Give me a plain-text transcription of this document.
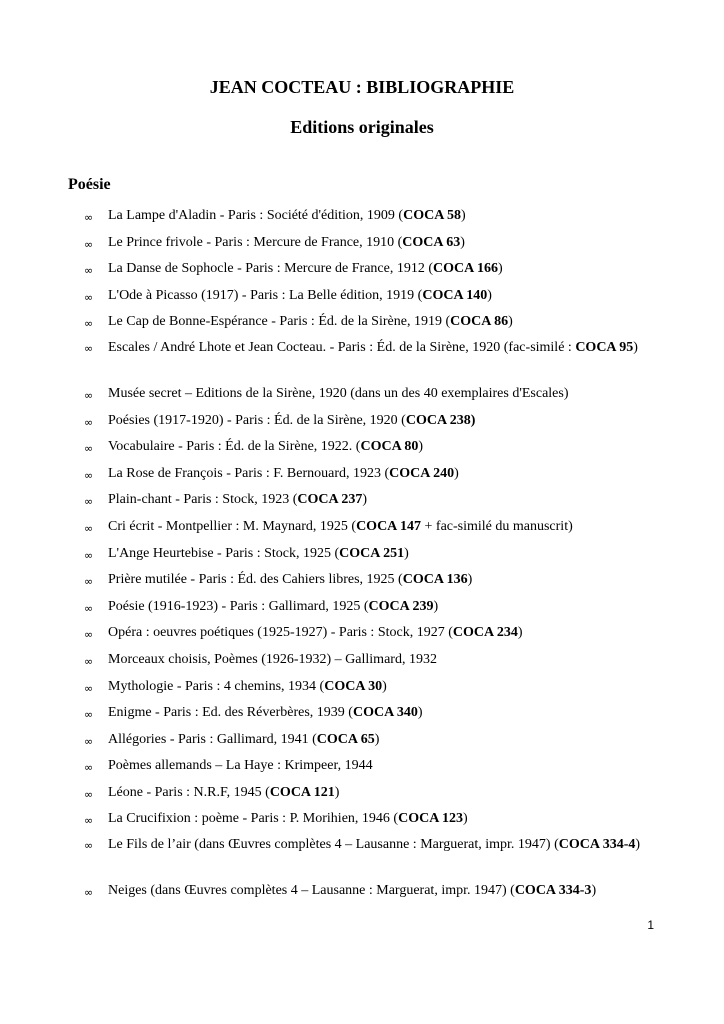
JEAN COCTEAU : BIBLIOGRAPHIE
Editions originales
Poésie
∞ La Lampe d'Aladin - Paris : Société d'édition, 1909 (COCA 58)
∞ Le Prince frivole - Paris : Mercure de France, 1910 (COCA 63)
∞ La Danse de Sophocle - Paris : Mercure de France, 1912 (COCA 166)
∞ L'Ode à Picasso (1917) - Paris : La Belle édition, 1919 (COCA 140)
∞ Le Cap de Bonne-Espérance - Paris : Éd. de la Sirène, 1919 (COCA 86)
∞ Escales / André Lhote et Jean Cocteau. - Paris : Éd. de la Sirène, 1920 (fac-similé : COCA 95)
∞ Musée secret – Editions de la Sirène, 1920 (dans un des 40 exemplaires d'Escales)
∞ Poésies (1917-1920) - Paris : Éd. de la Sirène, 1920 (COCA 238)
∞ Vocabulaire - Paris : Éd. de la Sirène, 1922. (COCA 80)
∞ La Rose de François - Paris : F. Bernouard, 1923 (COCA 240)
∞ Plain-chant - Paris : Stock, 1923 (COCA 237)
∞ Cri écrit - Montpellier : M. Maynard, 1925 (COCA 147 + fac-similé du manuscrit)
∞ L'Ange Heurtebise - Paris : Stock, 1925 (COCA 251)
∞ Prière mutilée - Paris : Éd. des Cahiers libres, 1925 (COCA 136)
∞ Poésie (1916-1923) - Paris : Gallimard, 1925 (COCA 239)
∞ Opéra : oeuvres poétiques (1925-1927) - Paris : Stock, 1927 (COCA 234)
∞ Morceaux choisis, Poèmes (1926-1932) – Gallimard, 1932
∞ Mythologie - Paris : 4 chemins, 1934 (COCA 30)
∞ Enigme - Paris : Ed. des Réverbères, 1939 (COCA 340)
∞ Allégories - Paris : Gallimard, 1941 (COCA 65)
∞ Poèmes allemands – La Haye : Krimpeer, 1944
∞ Léone - Paris : N.R.F, 1945 (COCA 121)
∞ La Crucifixion : poème - Paris : P. Morihien, 1946 (COCA 123)
∞ Le Fils de l’air (dans Œuvres complètes 4 – Lausanne : Marguerat, impr. 1947) (COCA 334-4)
∞ Neiges (dans Œuvres complètes 4 – Lausanne : Marguerat, impr. 1947) (COCA 334-3)
1
